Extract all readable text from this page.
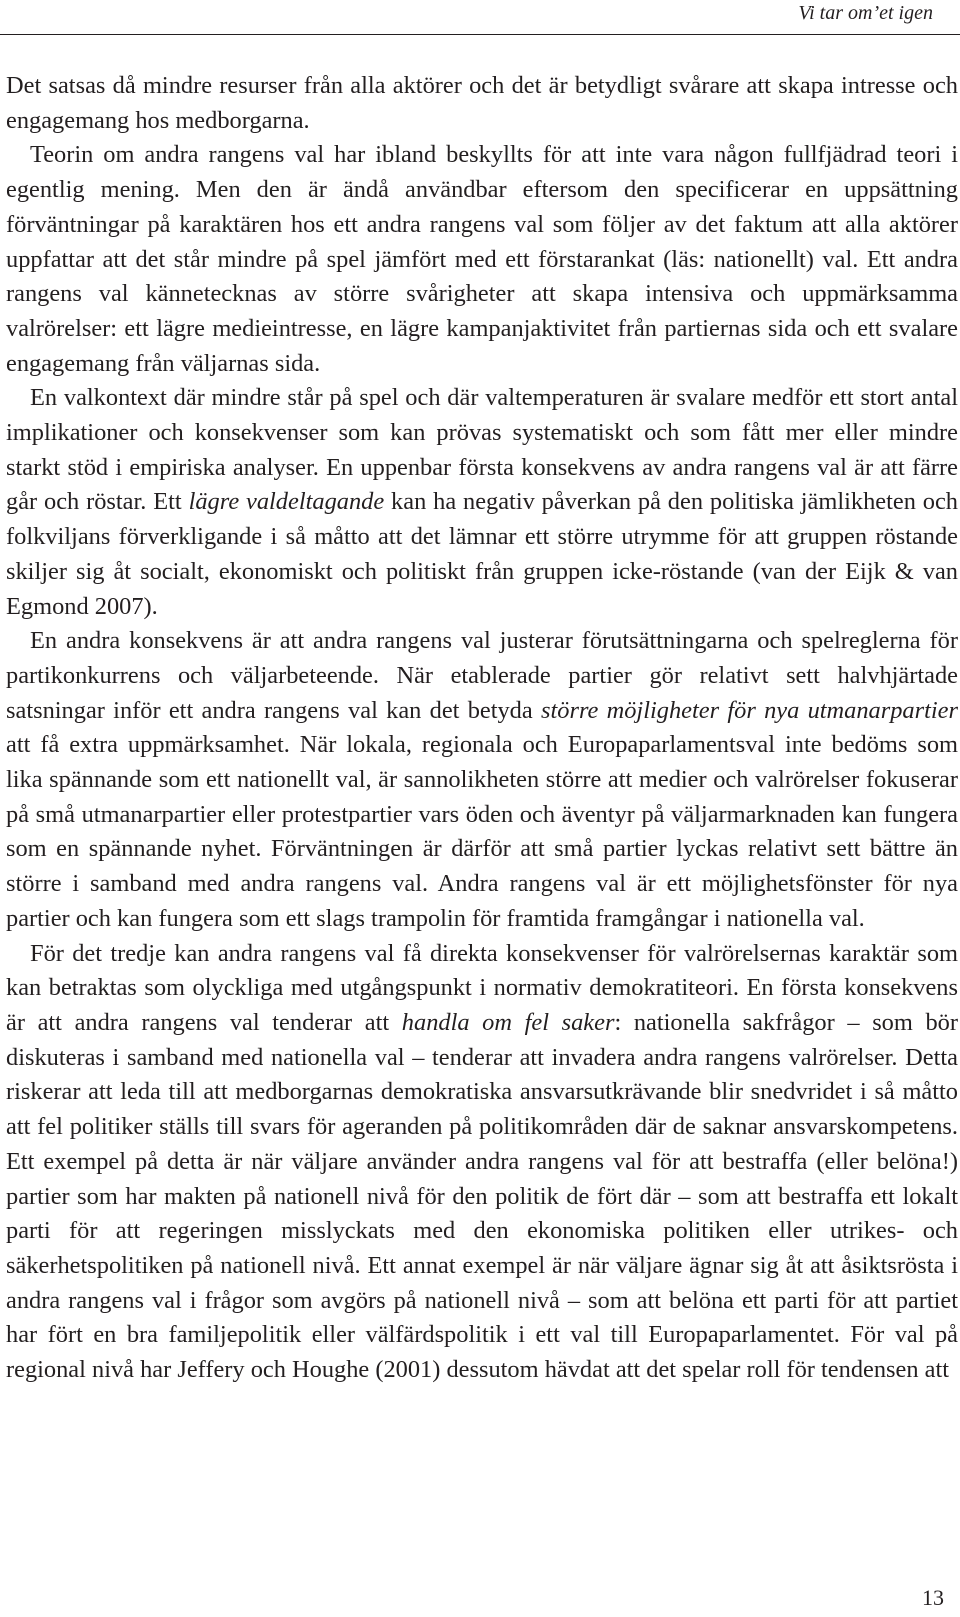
Vi tar om’et igen

Det satsas då mindre resurser från alla aktörer och det är betydligt svårare att skapa intresse och engagemang hos medborgarna.

Teorin om andra rangens val har ibland beskyllts för att inte vara någon fullfjädrad teori i egentlig mening. Men den är ändå användbar eftersom den specificerar en uppsättning förväntningar på karaktären hos ett andra rangens val som följer av det faktum att alla aktörer uppfattar att det står mindre på spel jämfört med ett förstarankat (läs: nationellt) val. Ett andra rangens val kännetecknas av större svårigheter att skapa intensiva och uppmärksamma valrörelser: ett lägre medieintresse, en lägre kampanjaktivitet från partiernas sida och ett svalare engagemang från väljarnas sida.

En valkontext där mindre står på spel och där valtemperaturen är svalare medför ett stort antal implikationer och konsekvenser som kan prövas systematiskt och som fått mer eller mindre starkt stöd i empiriska analyser. En uppenbar första konsekvens av andra rangens val är att färre går och röstar. Ett lägre valdeltagande kan ha negativ påverkan på den politiska jämlikheten och folkviljans förverkligande i så måtto att det lämnar ett större utrymme för att gruppen röstande skiljer sig åt socialt, ekonomiskt och politiskt från gruppen icke-röstande (van der Eijk & van Egmond 2007).

En andra konsekvens är att andra rangens val justerar förutsättningarna och spelreglerna för partikonkurrens och väljarbeteende. När etablerade partier gör relativt sett halvhjärtade satsningar inför ett andra rangens val kan det betyda större möjligheter för nya utmanarpartier att få extra uppmärksamhet. När lokala, regionala och Europaparlamentsval inte bedöms som lika spännande som ett nationellt val, är sannolikheten större att medier och valrörelser fokuserar på små utmanarpartier eller protestpartier vars öden och äventyr på väljarmarknaden kan fungera som en spännande nyhet. Förväntningen är därför att små partier lyckas relativt sett bättre än större i samband med andra rangens val. Andra rangens val är ett möjlighetsfönster för nya partier och kan fungera som ett slags trampolin för framtida framgångar i nationella val.

För det tredje kan andra rangens val få direkta konsekvenser för valrörelsernas karaktär som kan betraktas som olyckliga med utgångspunkt i normativ demokratiteori. En första konsekvens är att andra rangens val tenderar att handla om fel saker: nationella sakfrågor – som bör diskuteras i samband med nationella val – tenderar att invadera andra rangens valrörelser. Detta riskerar att leda till att medborgarnas demokratiska ansvarsutkrävande blir snedvridet i så måtto att fel politiker ställs till svars för ageranden på politikområden där de saknar ansvarskompetens. Ett exempel på detta är när väljare använder andra rangens val för att bestraffa (eller belöna!) partier som har makten på nationell nivå för den politik de fört där – som att bestraffa ett lokalt parti för att regeringen misslyckats med den ekonomiska politiken eller utrikes- och säkerhetspolitiken på nationell nivå. Ett annat exempel är när väljare ägnar sig åt att åsiktsrösta i andra rangens val i frågor som avgörs på nationell nivå – som att belöna ett parti för att partiet har fört en bra familjepolitik eller välfärdspolitik i ett val till Europaparlamentet. För val på regional nivå har Jeffery och Houghe (2001) dessutom hävdat att det spelar roll för tendensen att

13
